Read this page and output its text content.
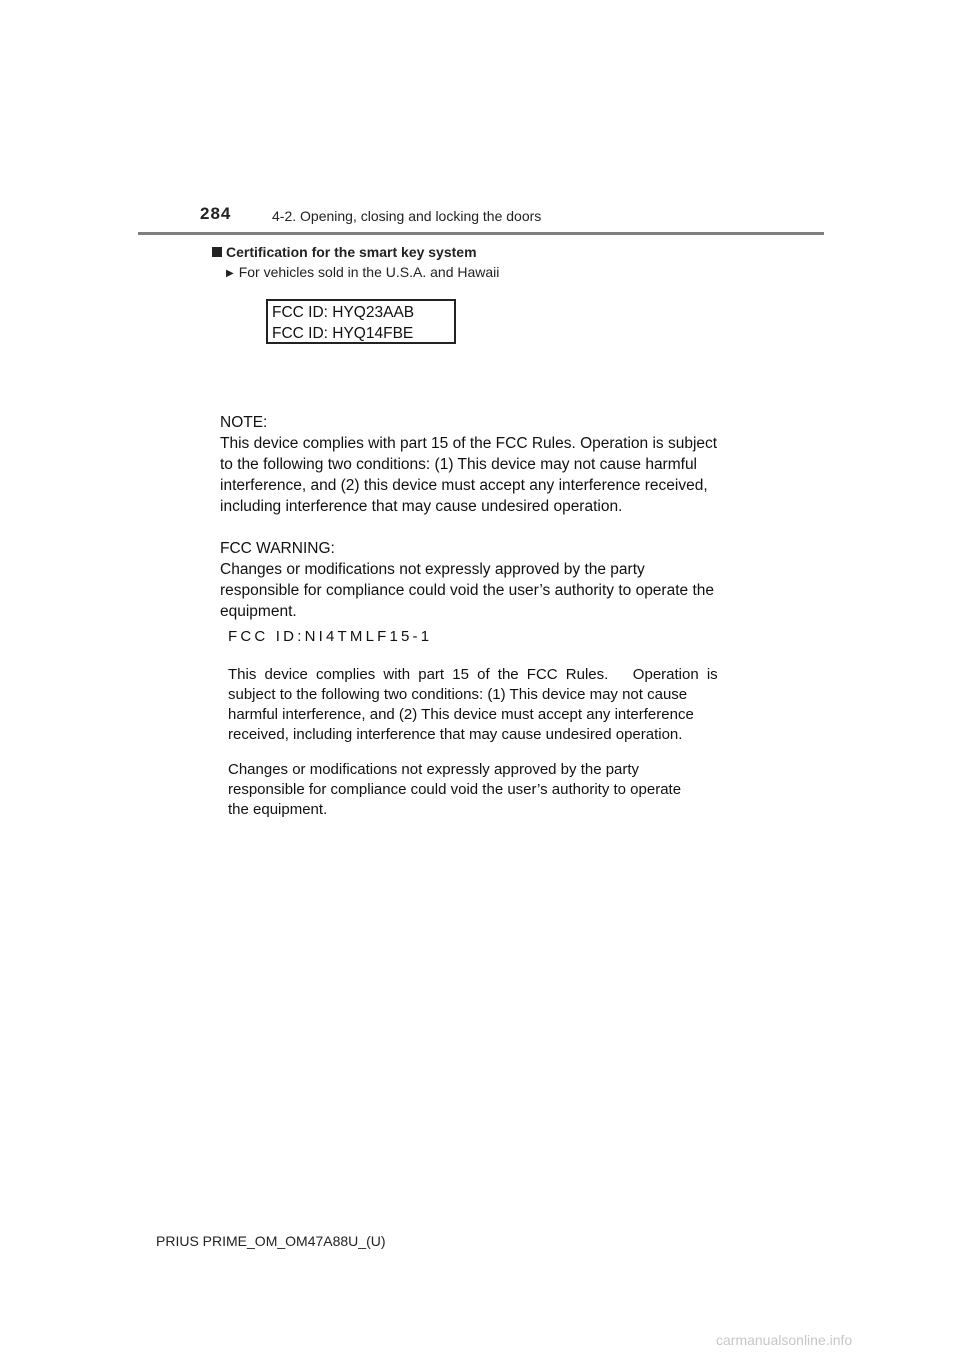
284	4-2. Opening, closing and locking the doors
Certification for the smart key system
▶ For vehicles sold in the U.S.A. and Hawaii
FCC ID: HYQ23AAB
FCC ID: HYQ14FBE

NOTE:

This device complies with part 15 of the FCC Rules. Operation is subject

to the following two conditions: (1) This device may not cause harmful

interference, and (2) this device must accept any interference received,

including interference that may cause undesired operation.

FCC WARNING:

Changes or modifications not expressly approved by the party

responsible for compliance could void the user’s authority to operate the

equipment.

FCC ID:NI4TMLF15-1

This device complies with part 15 of the FCC Rules.   Operation is

subject to the following two conditions: (1) This device may not cause

harmful interference, and (2) This device must accept any interference

received, including interference that may cause undesired operation.

Changes or modifications not expressly approved by the party

responsible for compliance could void the user’s authority to operate

the equipment.

PRIUS PRIME_OM_OM47A88U_(U)
carmanualsonline.info
